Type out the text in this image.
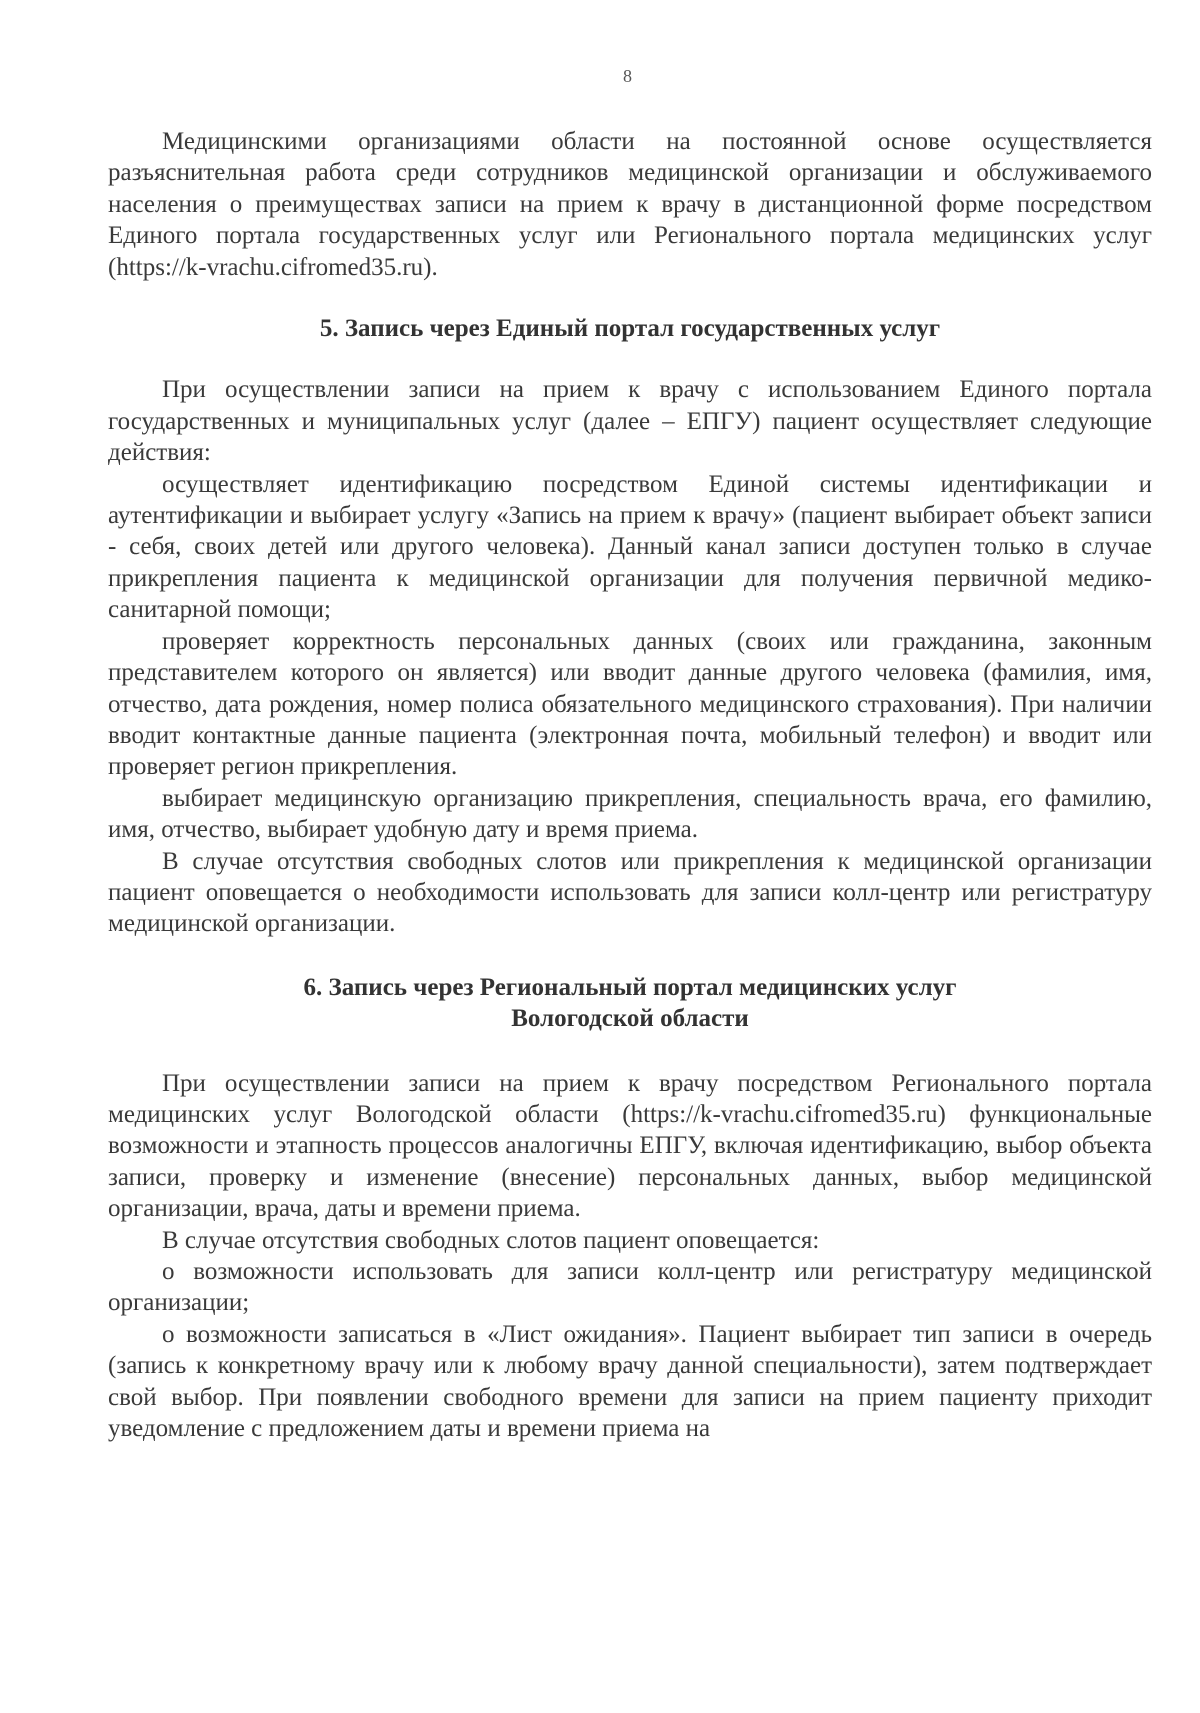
8

Медицинскими организациями области на постоянной основе осуществляется разъяснительная работа среди сотрудников медицинской организации и обслуживаемого населения о преимуществах записи на прием к врачу в дистанционной форме посредством Единого портала государственных услуг или Регионального портала медицинских услуг (https://k-vrachu.cifromed35.ru).

5. Запись через Единый портал государственных услуг

При осуществлении записи на прием к врачу с использованием Единого портала государственных и муниципальных услуг (далее – ЕПГУ) пациент осуществляет следующие действия:

осуществляет идентификацию посредством Единой системы идентификации и аутентификации и выбирает услугу «Запись на прием к врачу» (пациент выбирает объект записи - себя, своих детей или другого человека). Данный канал записи доступен только в случае прикрепления пациента к медицинской организации для получения первичной медико-санитарной помощи;

проверяет корректность персональных данных (своих или гражданина, законным представителем которого он является) или вводит данные другого человека (фамилия, имя, отчество, дата рождения, номер полиса обязательного медицинского страхования). При наличии вводит контактные данные пациента (электронная почта, мобильный телефон) и вводит или проверяет регион прикрепления.

выбирает медицинскую организацию прикрепления, специальность врача, его фамилию, имя, отчество, выбирает удобную дату и время приема.

В случае отсутствия свободных слотов или прикрепления к медицинской организации пациент оповещается о необходимости использовать для записи колл-центр или регистратуру медицинской организации.

6. Запись через Региональный портал медицинских услуг
Вологодской области

При осуществлении записи на прием к врачу посредством Регионального портала медицинских услуг Вологодской области (https://k-vrachu.cifromed35.ru) функциональные возможности и этапность процессов аналогичны ЕПГУ, включая идентификацию, выбор объекта записи, проверку и изменение (внесение) персональных данных, выбор медицинской организации, врача, даты и времени приема.

В случае отсутствия свободных слотов пациент оповещается:

о возможности использовать для записи колл-центр или регистратуру медицинской организации;

о возможности записаться в «Лист ожидания». Пациент выбирает тип записи в очередь (запись к конкретному врачу или к любому врачу данной специальности), затем подтверждает свой выбор. При появлении свободного времени для записи на прием пациенту приходит уведомление с предложением даты и времени приема на
